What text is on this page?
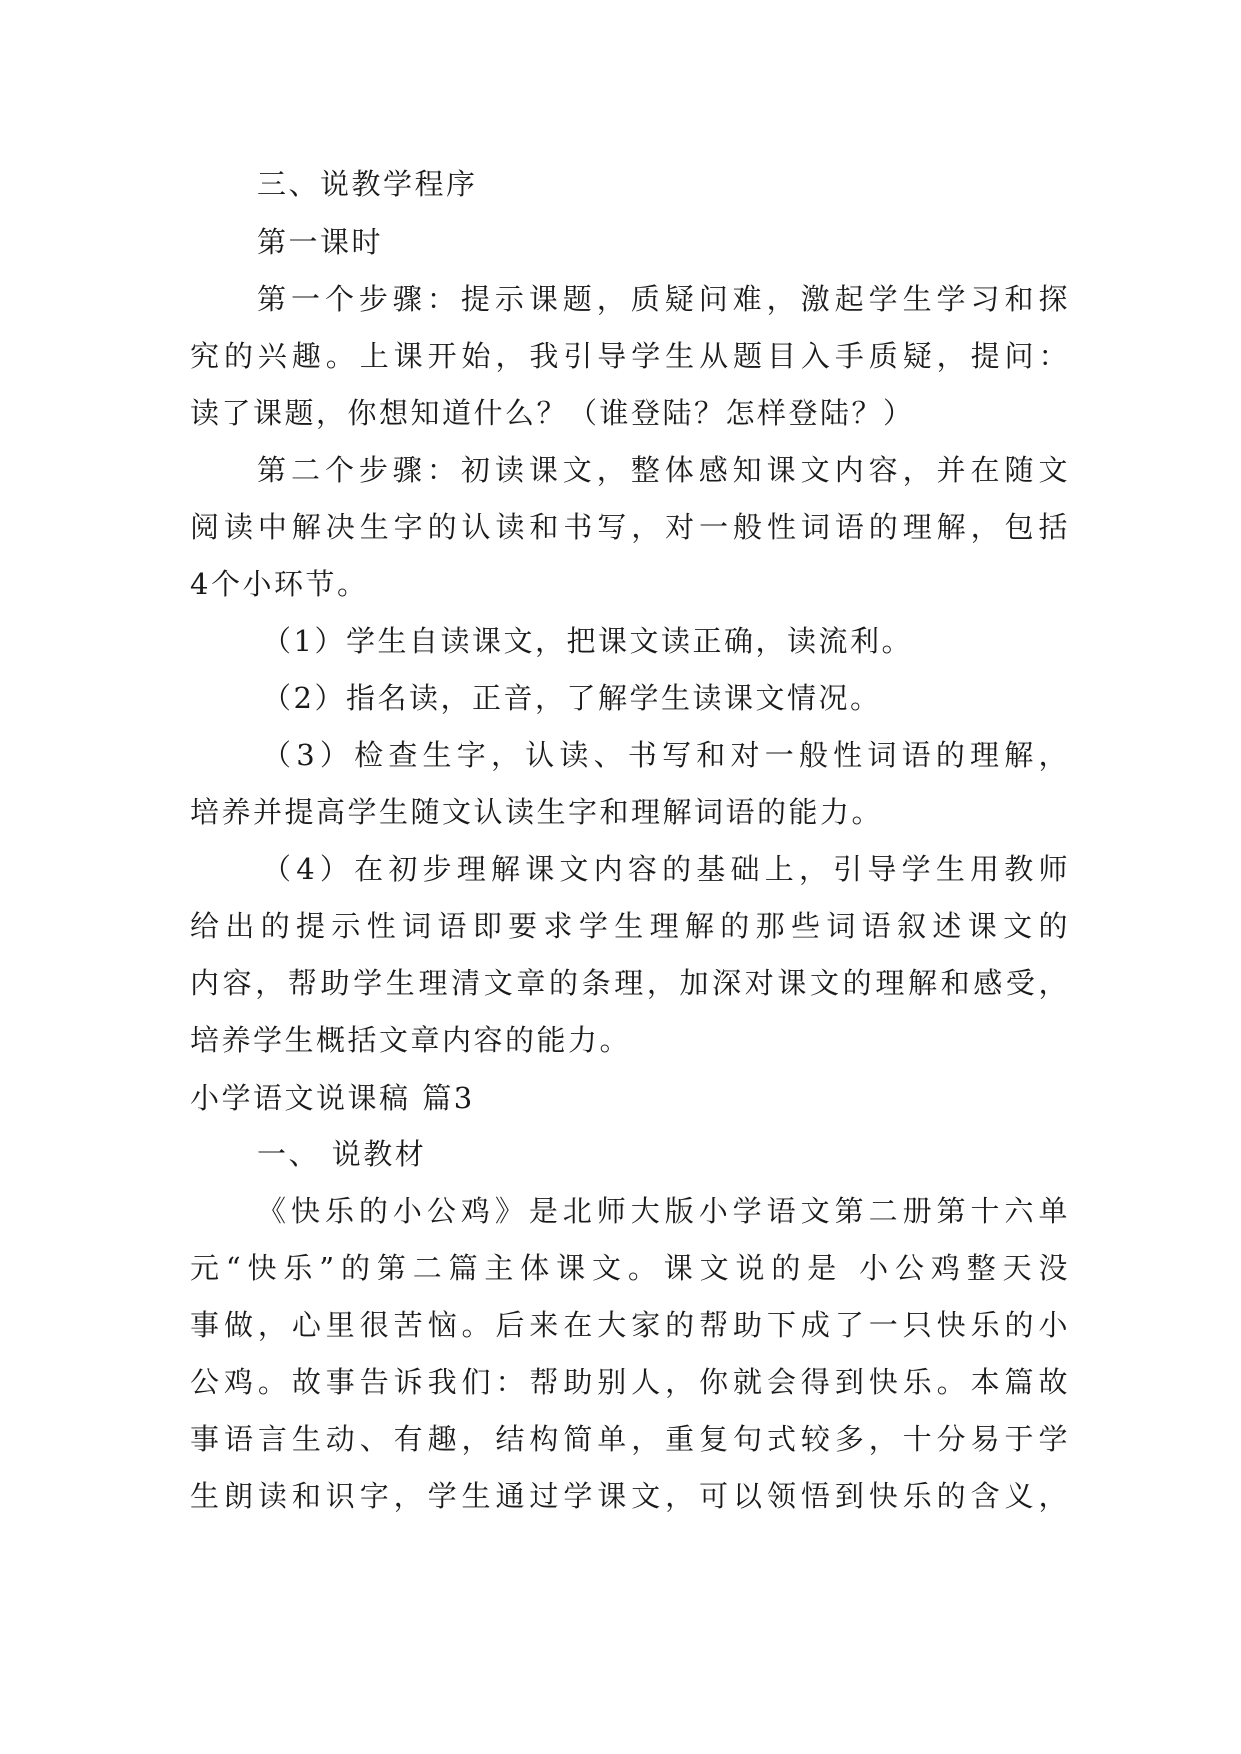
三、说教学程序
第一课时
第一个步骤：提示课题，质疑问难，激起学生学习和探
究的兴趣。上课开始，我引导学生从题目入手质疑，提问：
读了课题，你想知道什么？（谁登陆？怎样登陆？）
第二个步骤：初读课文，整体感知课文内容，并在随文
阅读中解决生字的认读和书写，对一般性词语的理解，包括
4个小环节。
（1）学生自读课文，把课文读正确，读流利。
（2）指名读，正音，了解学生读课文情况。
（3）检查生字，认读、书写和对一般性词语的理解，
培养并提高学生随文认读生字和理解词语的能力。
（4）在初步理解课文内容的基础上，引导学生用教师
给出的提示性词语即要求学生理解的那些词语叙述课文的
内容，帮助学生理清文章的条理，加深对课文的理解和感受，
培养学生概括文章内容的能力。
小学语文说课稿 篇3
一、 说教材
《快乐的小公鸡》是北师大版小学语文第二册第十六单
元“快乐”的第二篇主体课文。课文说的是 小公鸡整天没
事做，心里很苦恼。后来在大家的帮助下成了一只快乐的小
公鸡。故事告诉我们：帮助别人，你就会得到快乐。本篇故
事语言生动、有趣，结构简单，重复句式较多，十分易于学
生朗读和识字，学生通过学课文，可以领悟到快乐的含义，
